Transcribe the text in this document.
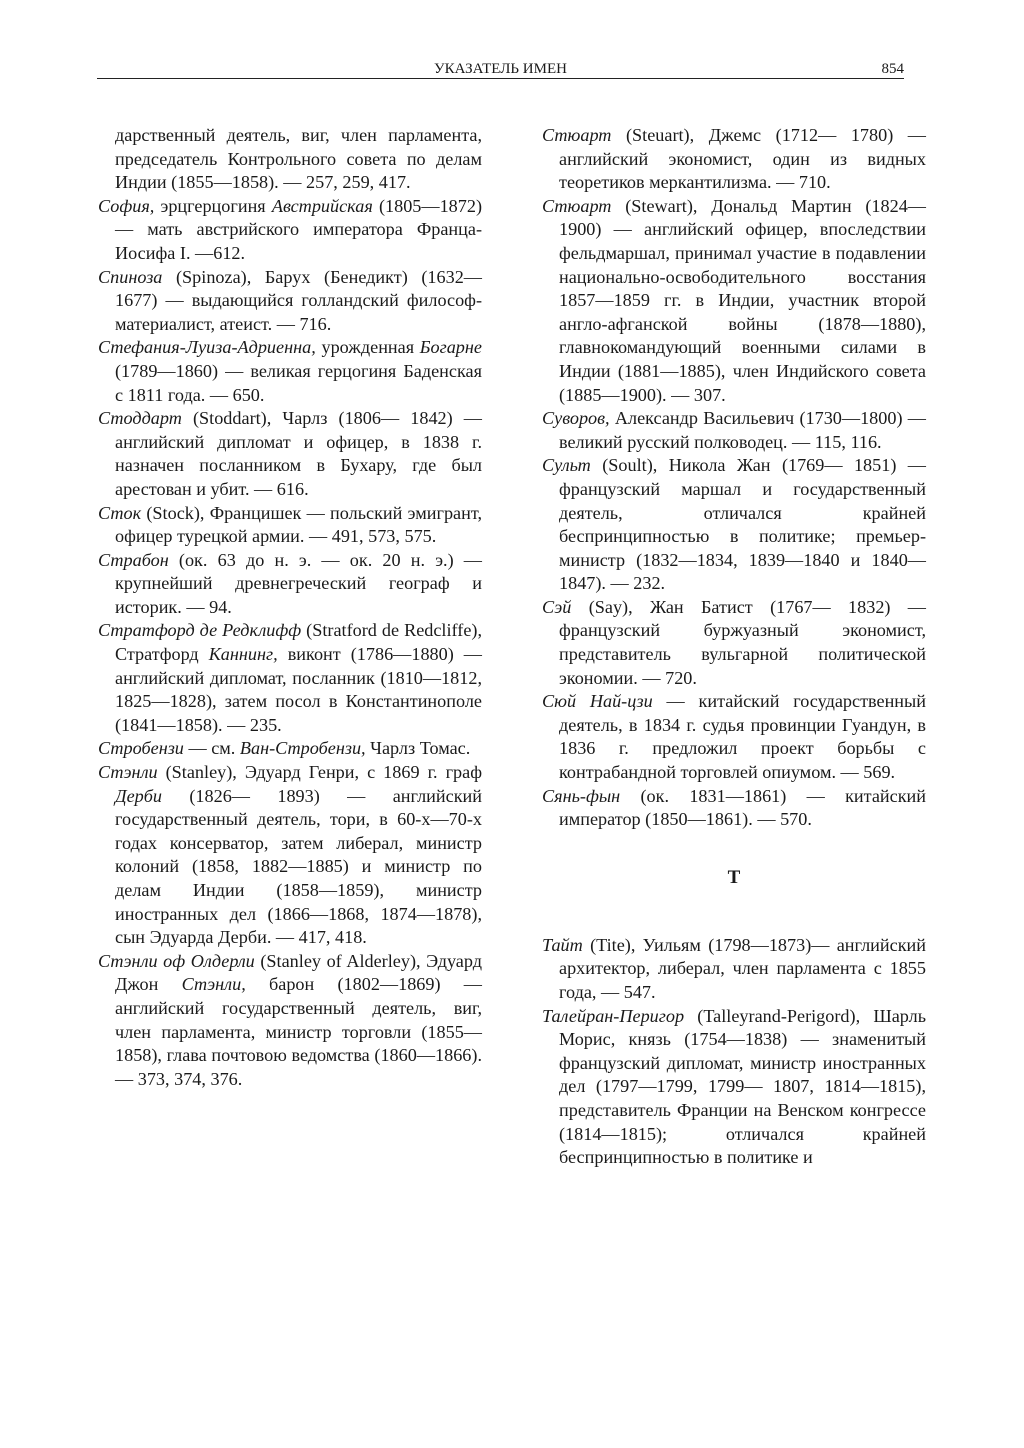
УКАЗАТЕЛЬ ИМЕН	854

дарственный деятель, виг, член парламента, председатель Контрольного совета по делам Индии (1855—1858). — 257, 259, 417.

София, эрцгерцогиня Австрийская (1805—1872) — мать австрийского императора Франца-Иосифа I. —612.

Спиноза (Spinoza), Барух (Бенедикт) (1632—1677) — выдающийся голландский философ-материалист, атеист. — 716.

Стефания-Луиза-Адриенна, урожденная Богарне (1789—1860) — великая герцогиня Баденская с 1811 года. — 650.

Стоддарт (Stoddart), Чарлз (1806— 1842) — английский дипломат и офицер, в 1838 г. назначен посланником в Бухару, где был арестован и убит. — 616.

Сток (Stock), Францишек — польский эмигрант, офицер турецкой армии. — 491, 573, 575.

Страбон (ок. 63 до н. э. — ок. 20 н. э.) — крупнейший древнегреческий географ и историк. — 94.

Стратфорд де Редклифф (Stratford de Redcliffe), Стратфорд Каннинг, виконт (1786—1880) — английский дипломат, посланник (1810—1812, 1825—1828), затем посол в Константинополе (1841—1858). — 235.

Стробензи — см. Ван-Стробензи, Чарлз Томас.

Стэнли (Stanley), Эдуард Генри, с 1869 г. граф Дерби (1826— 1893) — английский государственный деятель, тори, в 60-х—70-х годах консерватор, затем либерал, министр колоний (1858, 1882—1885) и министр по делам Индии (1858—1859), министр иностранных дел (1866—1868, 1874—1878), сын Эдуарда Дерби. — 417, 418.

Стэнли оф Олдерли (Stanley of Alderley), Эдуард Джон Стэнли, барон (1802—1869) — английский государственный деятель, виг, член парламента, министр торговли (1855—1858), глава почтовою ведомства (1860—1866). — 373, 374, 376.

Стюарт (Steuart), Джемс (1712— 1780) — английский экономист, один из видных теоретиков меркантилизма. — 710.

Стюарт (Stewart), Дональд Мартин (1824—1900) — английский офицер, впоследствии фельдмаршал, принимал участие в подавлении национально-освободительного восстания 1857—1859 гг. в Индии, участник второй англо-афганской войны (1878—1880), главнокомандующий военными силами в Индии (1881—1885), член Индийского совета (1885—1900). — 307.

Суворов, Александр Васильевич (1730—1800) — великий русский полководец. — 115, 116.

Сульт (Soult), Никола Жан (1769— 1851) — французский маршал и государственный деятель, отличался крайней беспринципностью в политике; премьер-министр (1832—1834, 1839—1840 и 1840— 1847). — 232.

Сэй (Say), Жан Батист (1767— 1832) — французский буржуазный экономист, представитель вульгарной политической экономии. — 720.

Сюй Най-цзи — китайский государственный деятель, в 1834 г. судья провинции Гуандун, в 1836 г. предложил проект борьбы с контрабандной торговлей опиумом. — 569.

Сянь-фын (ок. 1831—1861) — китайский император (1850—1861). — 570.

Т

Тайт (Tite), Уильям (1798—1873)— английский архитектор, либерал, член парламента с 1855 года, — 547.

Талейран-Перигор (Talleyrand-Perigord), Шарль Морис, князь (1754—1838) — знаменитый французский дипломат, министр иностранных дел (1797—1799, 1799— 1807, 1814—1815), представитель Франции на Венском конгрессе (1814—1815); отличался крайней беспринципностью в политике и
